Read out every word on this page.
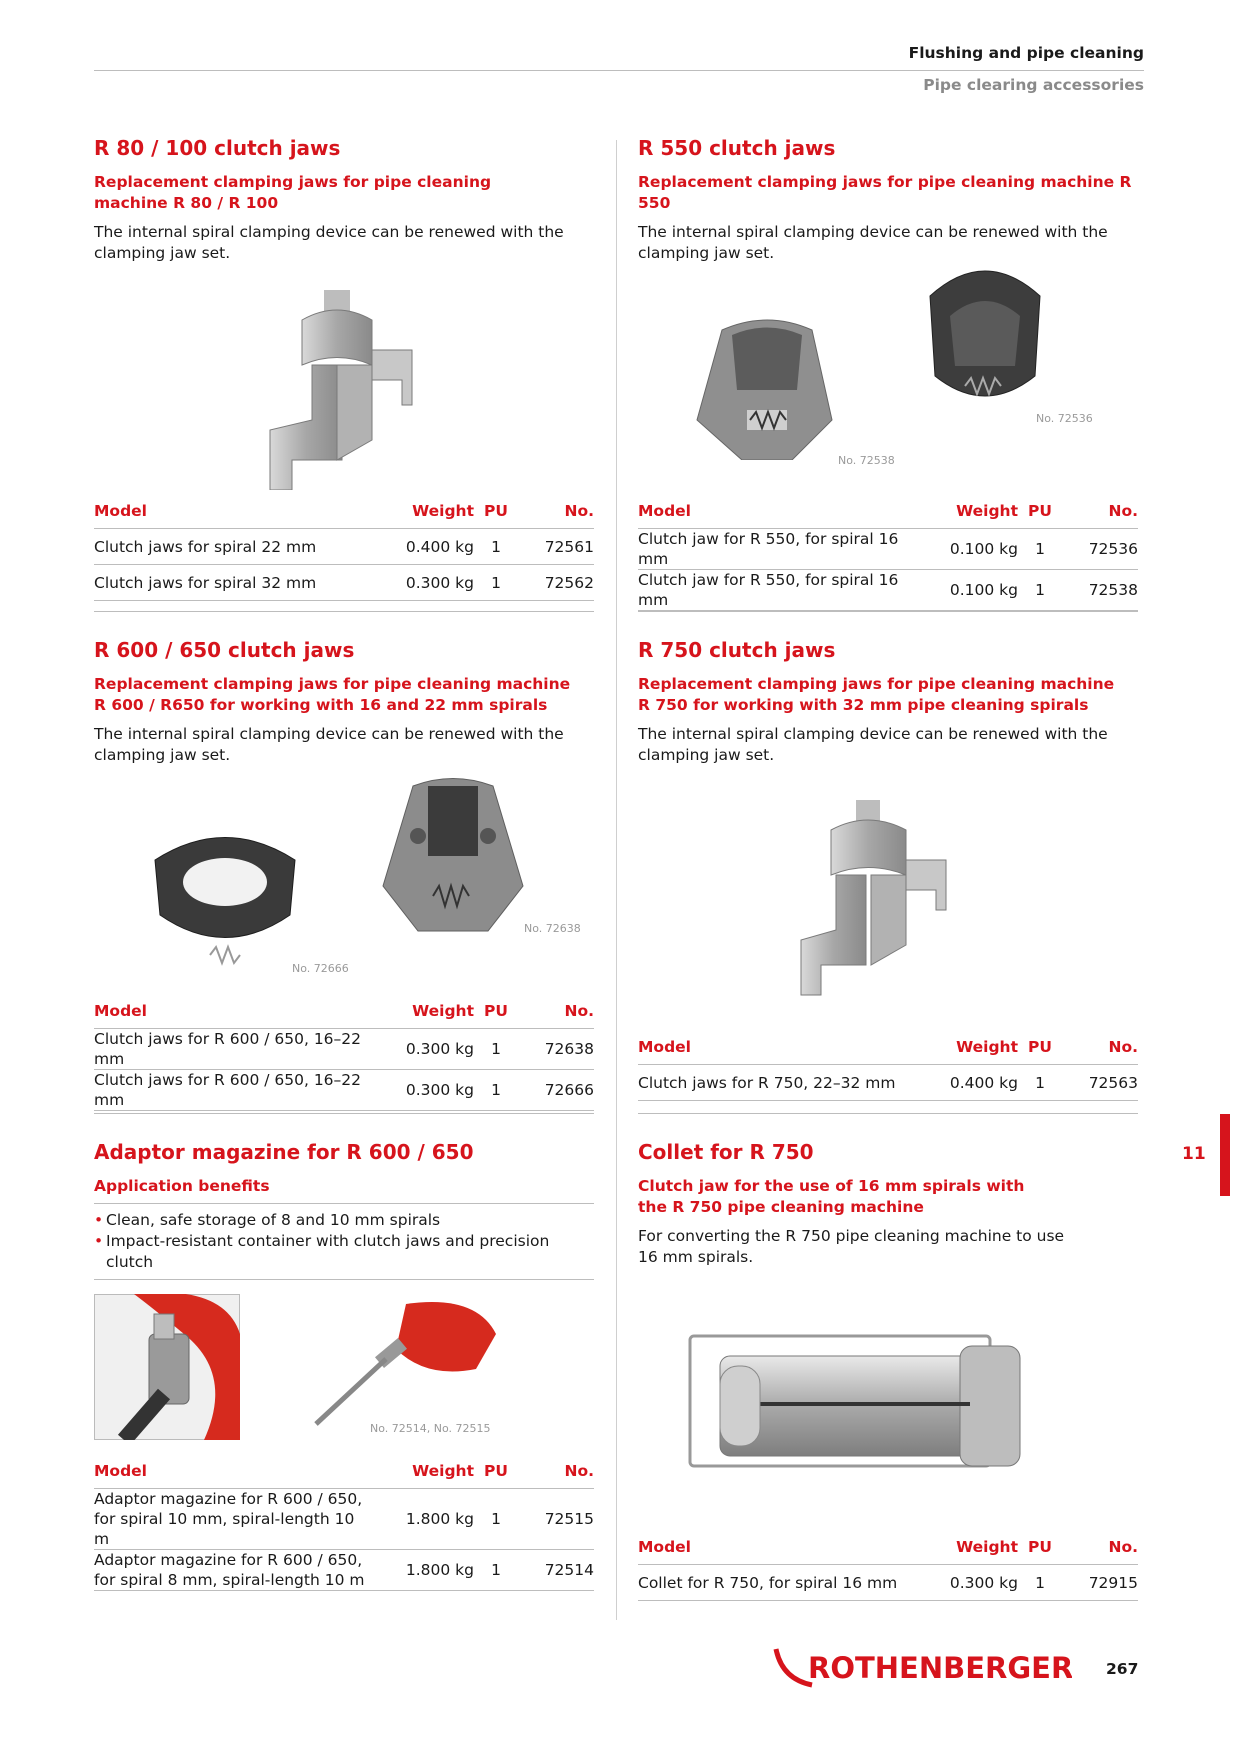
Flushing and pipe cleaning
Pipe clearing accessories
R 80 / 100 clutch jaws
Replacement clamping jaws for pipe cleaning machine R 80 / R 100
The internal spiral clamping device can be renewed with the clamping jaw set.
Model	Weight	PU	No.
Clutch jaws for spiral 22 mm	0.400 kg	1	72561
Clutch jaws for spiral 32 mm	0.300 kg	1	72562
R 550 clutch jaws
Replacement clamping jaws for pipe cleaning machine R 550
The internal spiral clamping device can be renewed with the clamping jaw set.
No. 72538
No. 72536
Model	Weight	PU	No.
Clutch jaw for R 550, for spiral 16 mm	0.100 kg	1	72536
Clutch jaw for R 550, for spiral 16 mm	0.100 kg	1	72538
R 600 / 650 clutch jaws
Replacement clamping jaws for pipe cleaning machine R 600 / R650 for working with 16 and 22 mm spirals
The internal spiral clamping device can be renewed with the clamping jaw set.
No. 72666
No. 72638
Model	Weight	PU	No.
Clutch jaws for R 600 / 650, 16–22 mm	0.300 kg	1	72638
Clutch jaws for R 600 / 650, 16–22 mm	0.300 kg	1	72666
R 750 clutch jaws
Replacement clamping jaws for pipe cleaning machine R 750 for working with 32 mm pipe cleaning spirals
The internal spiral clamping device can be renewed with the clamping jaw set.
Model	Weight	PU	No.
Clutch jaws for R 750, 22–32 mm	0.400 kg	1	72563
Adaptor magazine for R 600 / 650
Application benefits
• Clean, safe storage of 8 and 10 mm spirals
• Impact-resistant container with clutch jaws and precision clutch
No. 72514, No. 72515
Model	Weight	PU	No.
Adaptor magazine for R 600 / 650, for spiral 10 mm, spiral-length 10 m	1.800 kg	1	72515
Adaptor magazine for R 600 / 650, for spiral 8 mm, spiral-length 10 m	1.800 kg	1	72514
Collet for R 750
Clutch jaw for the use of 16 mm spirals with the R 750 pipe cleaning machine
For converting the R 750 pipe cleaning machine to use 16 mm spirals.
Model	Weight	PU	No.
Collet for R 750, for spiral 16 mm	0.300 kg	1	72915
11
ROTHENBERGER 267
